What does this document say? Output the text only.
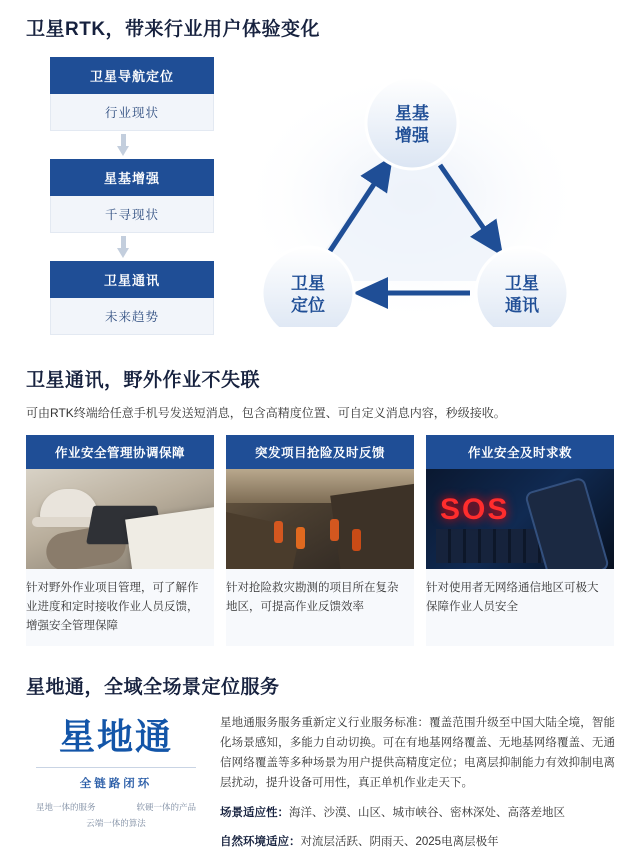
卫星RTK，带来行业用户体验变化
卫星导航定位
行业现状
星基增强
千寻现状
卫星通讯
未来趋势
星基
增强
卫星
定位
卫星
通讯
卫星通讯，野外作业不失联
可由RTK终端给任意手机号发送短消息，包含高精度位置、可自定义消息内容，秒级接收。
作业安全管理协调保障
针对野外作业项目管理，可了解作业进度和定时接收作业人员反馈，增强安全管理保障
突发项目抢险及时反馈
针对抢险救灾勘测的项目所在复杂地区，可提高作业反馈效率
作业安全及时求救
SOS
针对使用者无网络通信地区可极大保障作业人员安全
星地通，全域全场景定位服务
星地通
全链路闭环
星地一体的服务	软硬一体的产品
云端一体的算法

星地通服务服务重新定义行业服务标准：覆盖范围升级至中国大陆全境，智能化场景感知，多能力自动切换。可在有地基网络覆盖、无地基网络覆盖、无通信网络覆盖等多种场景为用户提供高精度定位；电离层抑制能力有效抑制电离层扰动，提升设备可用性，真正单机作业走天下。

场景适应性：海洋、沙漠、山区、城市峡谷、密林深处、高落差地区

自然环境适应：对流层活跃、阴雨天、2025电离层极年
